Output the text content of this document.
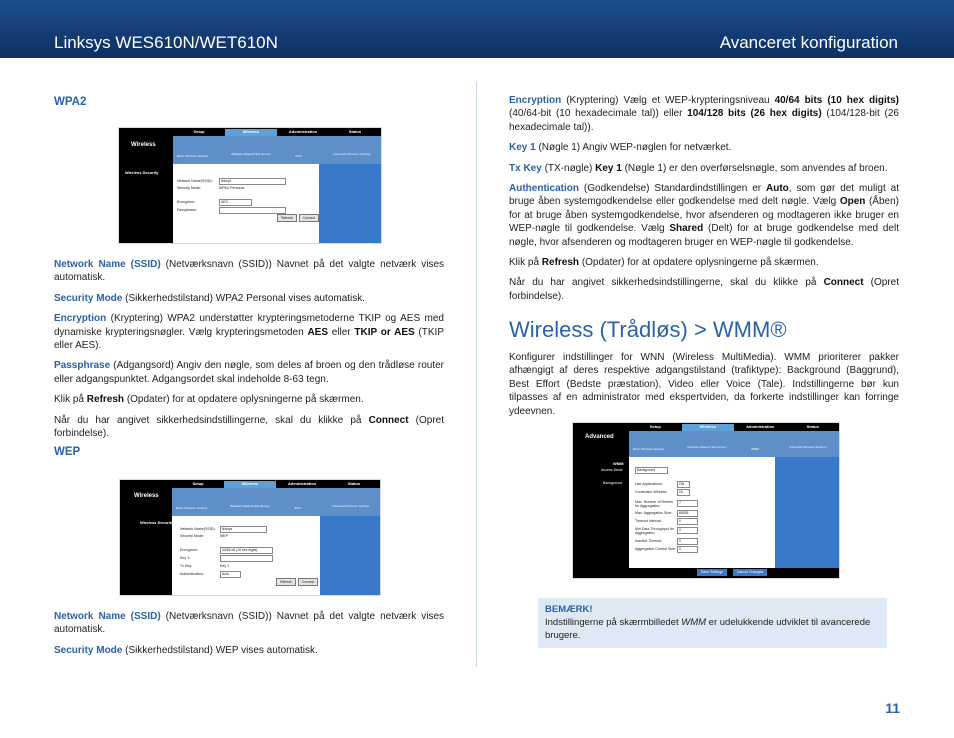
Linksys WES610N/WET610N	Avanceret konfiguration
WPA2
Wireless
Setup	Wireless	Administration	Status
Basic Wireless Settings	Wireless Network Site Survey	WPS	Advanced Wireless Settings
Wireless Security
Network Name(SSID):	linksys
Security Mode:	WPA2-Personal
Encryption:	AES
Passphrase:
Refresh	Connect

Network Name (SSID) (Netværksnavn (SSID)) Navnet på det valgte netværk vises automatisk.

Security Mode (Sikkerhedstilstand) WPA2 Personal vises automatisk.

Encryption (Kryptering) WPA2 understøtter krypteringsmetoderne TKIP og AES med dynamiske krypteringsnøgler. Vælg krypteringsmetoden AES eller TKIP or AES (TKIP eller AES).

Passphrase (Adgangsord) Angiv den nøgle, som deles af broen og den trådløse router eller adgangspunktet. Adgangsordet skal indeholde 8-63 tegn.

Klik på Refresh (Opdater) for at opdatere oplysningerne på skærmen.

Når du har angivet sikkerhedsindstillingerne, skal du klikke på Connect (Opret forbindelse).

WEP
Wireless
Setup	Wireless	Administration	Status
Basic Wireless Settings	Wireless Network Site Survey	WPS	Advanced Wireless Settings
Wireless Security
Network Name(SSID):	linksys
Security Mode:	WEP
Encryption:	40/64-bit (10 hex digits)
Key 1:
Tx Key:	Key 1
Authentication:	Auto
Refresh	Connect

Network Name (SSID) (Netværksnavn (SSID)) Navnet på det valgte netværk vises automatisk.

Security Mode (Sikkerhedstilstand) WEP vises automatisk.

Encryption (Kryptering) Vælg et WEP-krypteringsniveau 40/64 bits (10 hex digits) (40/64-bit (10 hexadecimale tal)) eller 104/128 bits (26 hex digits) (104/128-bit (26 hexadecimale tal)).

Key 1 (Nøgle 1) Angiv WEP-nøglen for netværket.

Tx Key (TX-nøgle) Key 1 (Nøgle 1) er den overførselsnøgle, som anvendes af broen.

Authentication (Godkendelse) Standardindstillingen er Auto, som gør det muligt at bruge åben systemgodkendelse eller godkendelse med delt nøgle. Vælg Open (Åben) for at bruge åben systemgodkendelse, hvor afsenderen og modtageren ikke bruger en WEP-nøgle til godkendelse. Vælg Shared (Delt) for at bruge godkendelse med delt nøgle, hvor afsenderen og modtageren bruger en WEP-nøgle til godkendelse.

Klik på Refresh (Opdater) for at opdatere oplysningerne på skærmen.

Når du har angivet sikkerhedsindstillingerne, skal du klikke på Connect (Opret forbindelse).

Wireless (Trådløs) > WMM®

Konfigurer indstillinger for WNN (Wireless MultiMedia). WMM prioriterer pakker afhængigt af deres respektive adgangstilstand (trafiktype): Background (Baggrund), Best Effort (Bedste præstation), Video eller Voice (Tale). Indstillingerne bør kun tilpasses af en administrator med ekspertviden, da forkerte indstillinger kan forringe ydeevnen.

Advanced
Setup	Wireless	Administration	Status
Basic Wireless Settings	Wireless Network Site Survey	WMM	Advanced Wireless Settings
WMM
Access Mode
Background
Background
Use Applications:	ON
Contention Window:	15
Max. Number of Retries for Aggregation:
7
Max. Aggregation Size:	65535
Timeout Interval:	0
Min Data Throughput for Aggregation:
0
Inactive Timeout:	0
Aggregation Control Size: 0
Save Settings	Cancel Changes
BEMÆRK!
Indstillingerne på skærmbilledet WMM er udelukkende udviklet til avancerede brugere.
11
